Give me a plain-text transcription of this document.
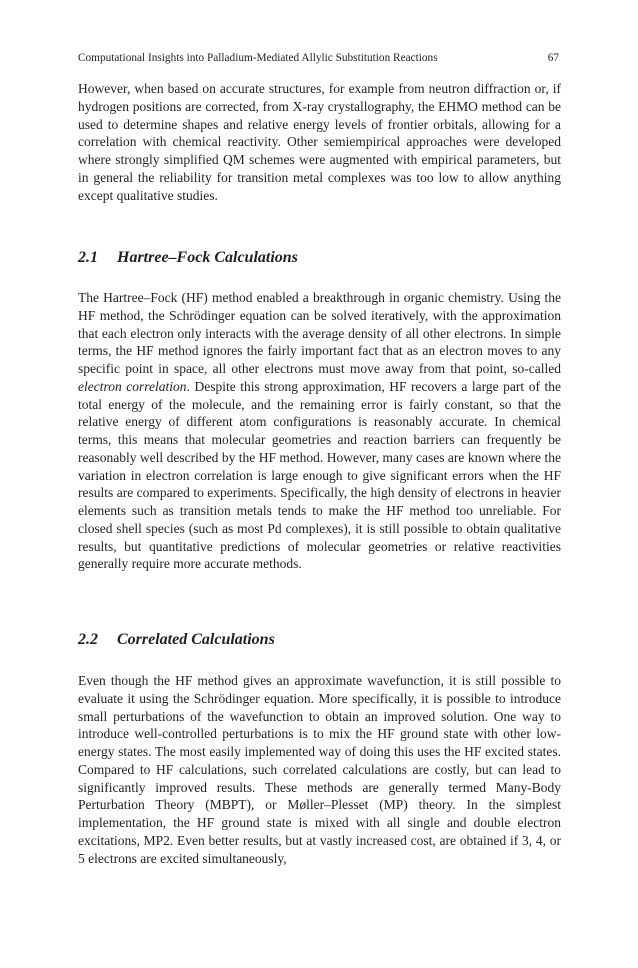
Computational Insights into Palladium-Mediated Allylic Substitution Reactions	67

However, when based on accurate structures, for example from neutron diffraction or, if hydrogen positions are corrected, from X-ray crystallography, the EHMO method can be used to determine shapes and relative energy levels of frontier orbitals, allowing for a correlation with chemical reactivity. Other semiempirical approaches were developed where strongly simplified QM schemes were augmented with empirical parameters, but in general the reliability for transition metal complexes was too low to allow anything except qualitative studies.

2.1 Hartree–Fock Calculations

The Hartree–Fock (HF) method enabled a breakthrough in organic chemistry. Using the HF method, the Schrödinger equation can be solved iteratively, with the approximation that each electron only interacts with the average density of all other electrons. In simple terms, the HF method ignores the fairly important fact that as an electron moves to any specific point in space, all other electrons must move away from that point, so-called electron correlation. Despite this strong approximation, HF recovers a large part of the total energy of the molecule, and the remaining error is fairly constant, so that the relative energy of different atom configurations is reasonably accurate. In chemical terms, this means that molecular geometries and reaction barriers can frequently be reasonably well described by the HF method. However, many cases are known where the variation in electron correlation is large enough to give significant errors when the HF results are compared to experiments. Specifically, the high density of electrons in heavier elements such as transition metals tends to make the HF method too unreliable. For closed shell species (such as most Pd complexes), it is still possible to obtain qualitative results, but quantitative predictions of molecular geometries or relative reactivities generally require more accurate methods.

2.2 Correlated Calculations

Even though the HF method gives an approximate wavefunction, it is still possible to evaluate it using the Schrödinger equation. More specifically, it is possible to introduce small perturbations of the wavefunction to obtain an improved solution. One way to introduce well-controlled perturbations is to mix the HF ground state with other low-energy states. The most easily implemented way of doing this uses the HF excited states. Compared to HF calculations, such correlated calculations are costly, but can lead to significantly improved results. These methods are generally termed Many-Body Perturbation Theory (MBPT), or Møller–Plesset (MP) theory. In the simplest implementation, the HF ground state is mixed with all single and double electron excitations, MP2. Even better results, but at vastly increased cost, are obtained if 3, 4, or 5 electrons are excited simultaneously,
